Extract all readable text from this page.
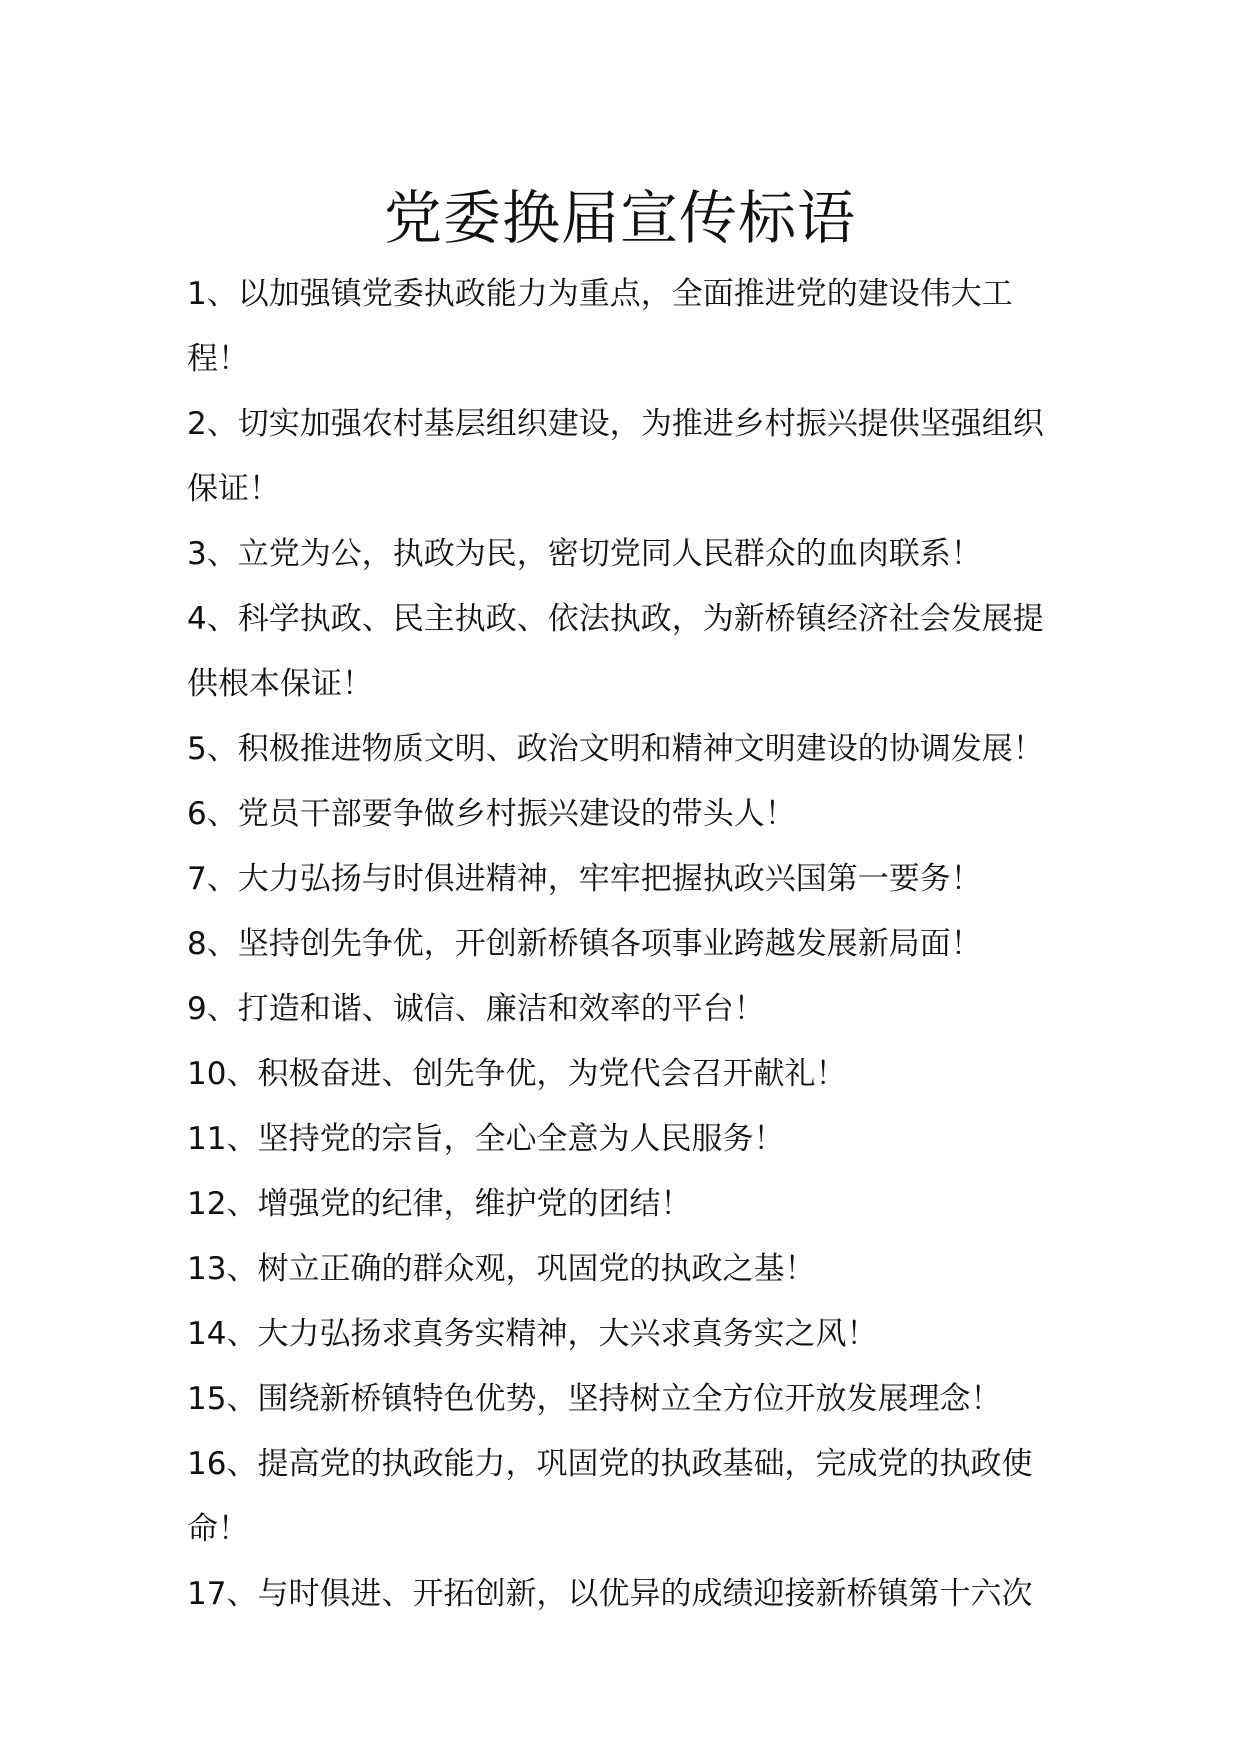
党委换届宣传标语

1、以加强镇党委执政能力为重点，全面推进党的建设伟大工程！

2、切实加强农村基层组织建设，为推进乡村振兴提供坚强组织保证！

3、立党为公，执政为民，密切党同人民群众的血肉联系！

4、科学执政、民主执政、依法执政，为新桥镇经济社会发展提供根本保证！

5、积极推进物质文明、政治文明和精神文明建设的协调发展！

6、党员干部要争做乡村振兴建设的带头人！

7、大力弘扬与时俱进精神，牢牢把握执政兴国第一要务！

8、坚持创先争优，开创新桥镇各项事业跨越发展新局面！

9、打造和谐、诚信、廉洁和效率的平台！

10、积极奋进、创先争优，为党代会召开献礼！

11、坚持党的宗旨，全心全意为人民服务！

12、增强党的纪律，维护党的团结！

13、树立正确的群众观，巩固党的执政之基！

14、大力弘扬求真务实精神，大兴求真务实之风！

15、围绕新桥镇特色优势，坚持树立全方位开放发展理念！

16、提高党的执政能力，巩固党的执政基础，完成党的执政使命！

17、与时俱进、开拓创新，以优异的成绩迎接新桥镇第十六次
